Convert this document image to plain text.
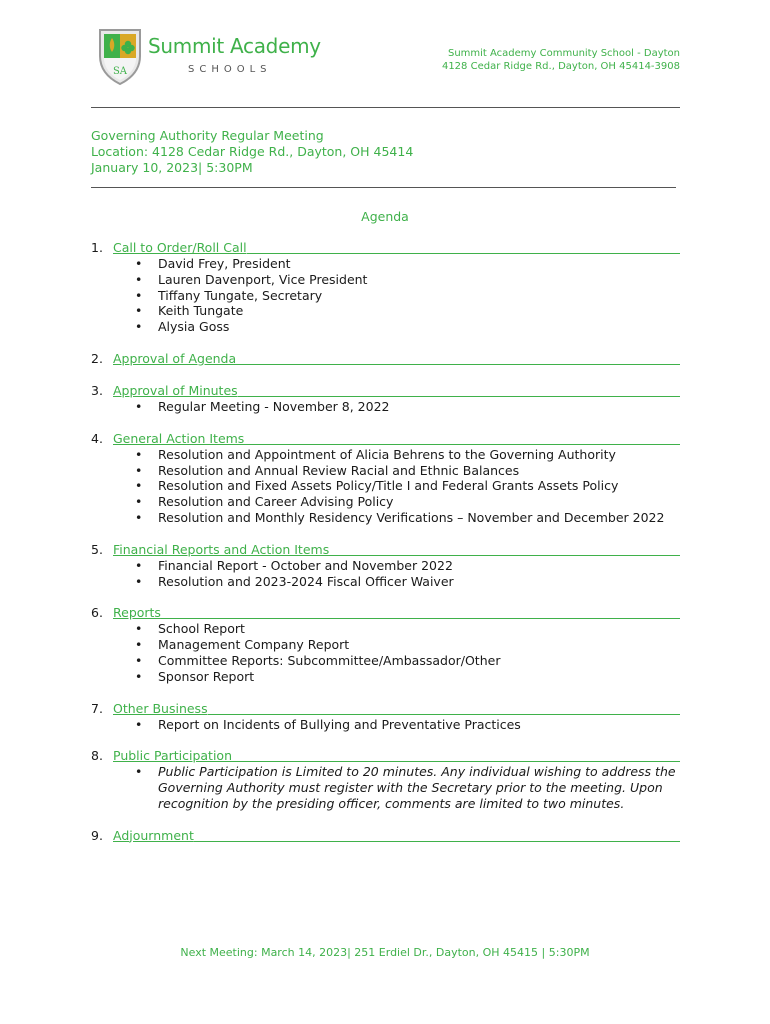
SA
Summit Academy
SCHOOLS
Summit Academy Community School - Dayton
4128 Cedar Ridge Rd., Dayton, OH 45414-3908
Governing Authority Regular Meeting
Location: 4128 Cedar Ridge Rd., Dayton, OH 45414
January 10, 2023| 5:30PM
Agenda
1. Call to Order/Roll Call
• David Frey, President
• Lauren Davenport, Vice President
• Tiffany Tungate, Secretary
• Keith Tungate
• Alysia Goss
2. Approval of Agenda
3. Approval of Minutes
• Regular Meeting - November 8, 2022
4. General Action Items
• Resolution and Appointment of Alicia Behrens to the Governing Authority
• Resolution and Annual Review Racial and Ethnic Balances
• Resolution and Fixed Assets Policy/Title I and Federal Grants Assets Policy
• Resolution and Career Advising Policy
• Resolution and Monthly Residency Verifications – November and December 2022
5. Financial Reports and Action Items
• Financial Report - October and November 2022
• Resolution and 2023-2024 Fiscal Officer Waiver
6. Reports
• School Report
• Management Company Report
• Committee Reports: Subcommittee/Ambassador/Other
• Sponsor Report
7. Other Business
• Report on Incidents of Bullying and Preventative Practices
8. Public Participation
• Public Participation is Limited to 20 minutes. Any individual wishing to address the Governing Authority must register with the Secretary prior to the meeting. Upon recognition by the presiding officer, comments are limited to two minutes.
9. Adjournment
Next Meeting: March 14, 2023| 251 Erdiel Dr., Dayton, OH 45415 | 5:30PM
